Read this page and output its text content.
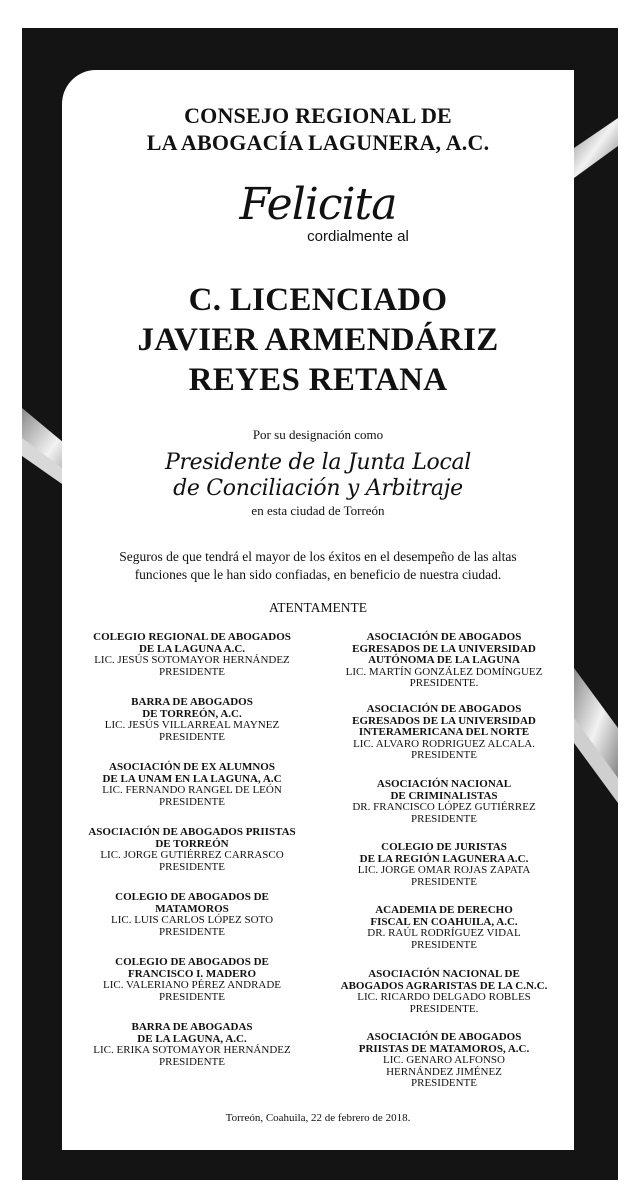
CONSEJO REGIONAL DE
LA ABOGACÍA LAGUNERA, A.C.
Felicita
cordialmente al
C. LICENCIADO
JAVIER ARMENDÁRIZ
REYES RETANA
Por su designación como
Presidente de la Junta Local
de Conciliación y Arbitraje
en esta ciudad de Torreón
Seguros de que tendrá el mayor de los éxitos en el desempeño de las altas
funciones que le han sido confiadas, en beneficio de nuestra ciudad.
ATENTAMENTE
COLEGIO REGIONAL DE ABOGADOS
DE LA LAGUNA A.C.
LIC. JESÚS SOTOMAYOR HERNÁNDEZ
PRESIDENTE
BARRA DE ABOGADOS
DE TORREÓN, A.C.
LIC. JESÚS VILLARREAL MAYNEZ
PRESIDENTE
ASOCIACIÓN DE EX ALUMNOS
DE LA UNAM EN LA LAGUNA, A.C
LIC. FERNANDO RANGEL DE LEÓN
PRESIDENTE
ASOCIACIÓN DE ABOGADOS PRIISTAS
DE TORREÓN
LIC. JORGE GUTIÉRREZ CARRASCO
PRESIDENTE
COLEGIO DE ABOGADOS DE
MATAMOROS
LIC. LUIS CARLOS LÓPEZ SOTO
PRESIDENTE
COLEGIO DE ABOGADOS DE
FRANCISCO I. MADERO
LIC. VALERIANO PÉREZ ANDRADE
PRESIDENTE
BARRA DE ABOGADAS
DE LA LAGUNA, A.C.
LIC. ERIKA SOTOMAYOR HERNÁNDEZ
PRESIDENTE
ASOCIACIÓN DE ABOGADOS
EGRESADOS DE LA UNIVERSIDAD
AUTÓNOMA DE LA LAGUNA
LIC. MARTÍN GONZÁLEZ DOMÍNGUEZ
PRESIDENTE.
ASOCIACIÓN DE ABOGADOS
EGRESADOS DE LA UNIVERSIDAD
INTERAMERICANA DEL NORTE
LIC. ALVARO RODRIGUEZ ALCALA.
PRESIDENTE
ASOCIACIÓN NACIONAL
DE CRIMINALISTAS
DR. FRANCISCO LÓPEZ GUTIÉRREZ
PRESIDENTE
COLEGIO DE JURISTAS
DE LA REGIÓN LAGUNERA A.C.
LIC. JORGE OMAR ROJAS ZAPATA
PRESIDENTE
ACADEMIA DE DERECHO
FISCAL EN COAHUILA, A.C.
DR. RAÚL RODRÍGUEZ VIDAL
PRESIDENTE
ASOCIACIÓN NACIONAL DE
ABOGADOS AGRARISTAS DE LA C.N.C.
LIC. RICARDO DELGADO ROBLES
PRESIDENTE.
ASOCIACIÓN DE ABOGADOS
PRIISTAS DE MATAMOROS, A.C.
LIC. GENARO ALFONSO
HERNÁNDEZ JIMÉNEZ
PRESIDENTE
Torreón, Coahuila, 22 de febrero de 2018.
